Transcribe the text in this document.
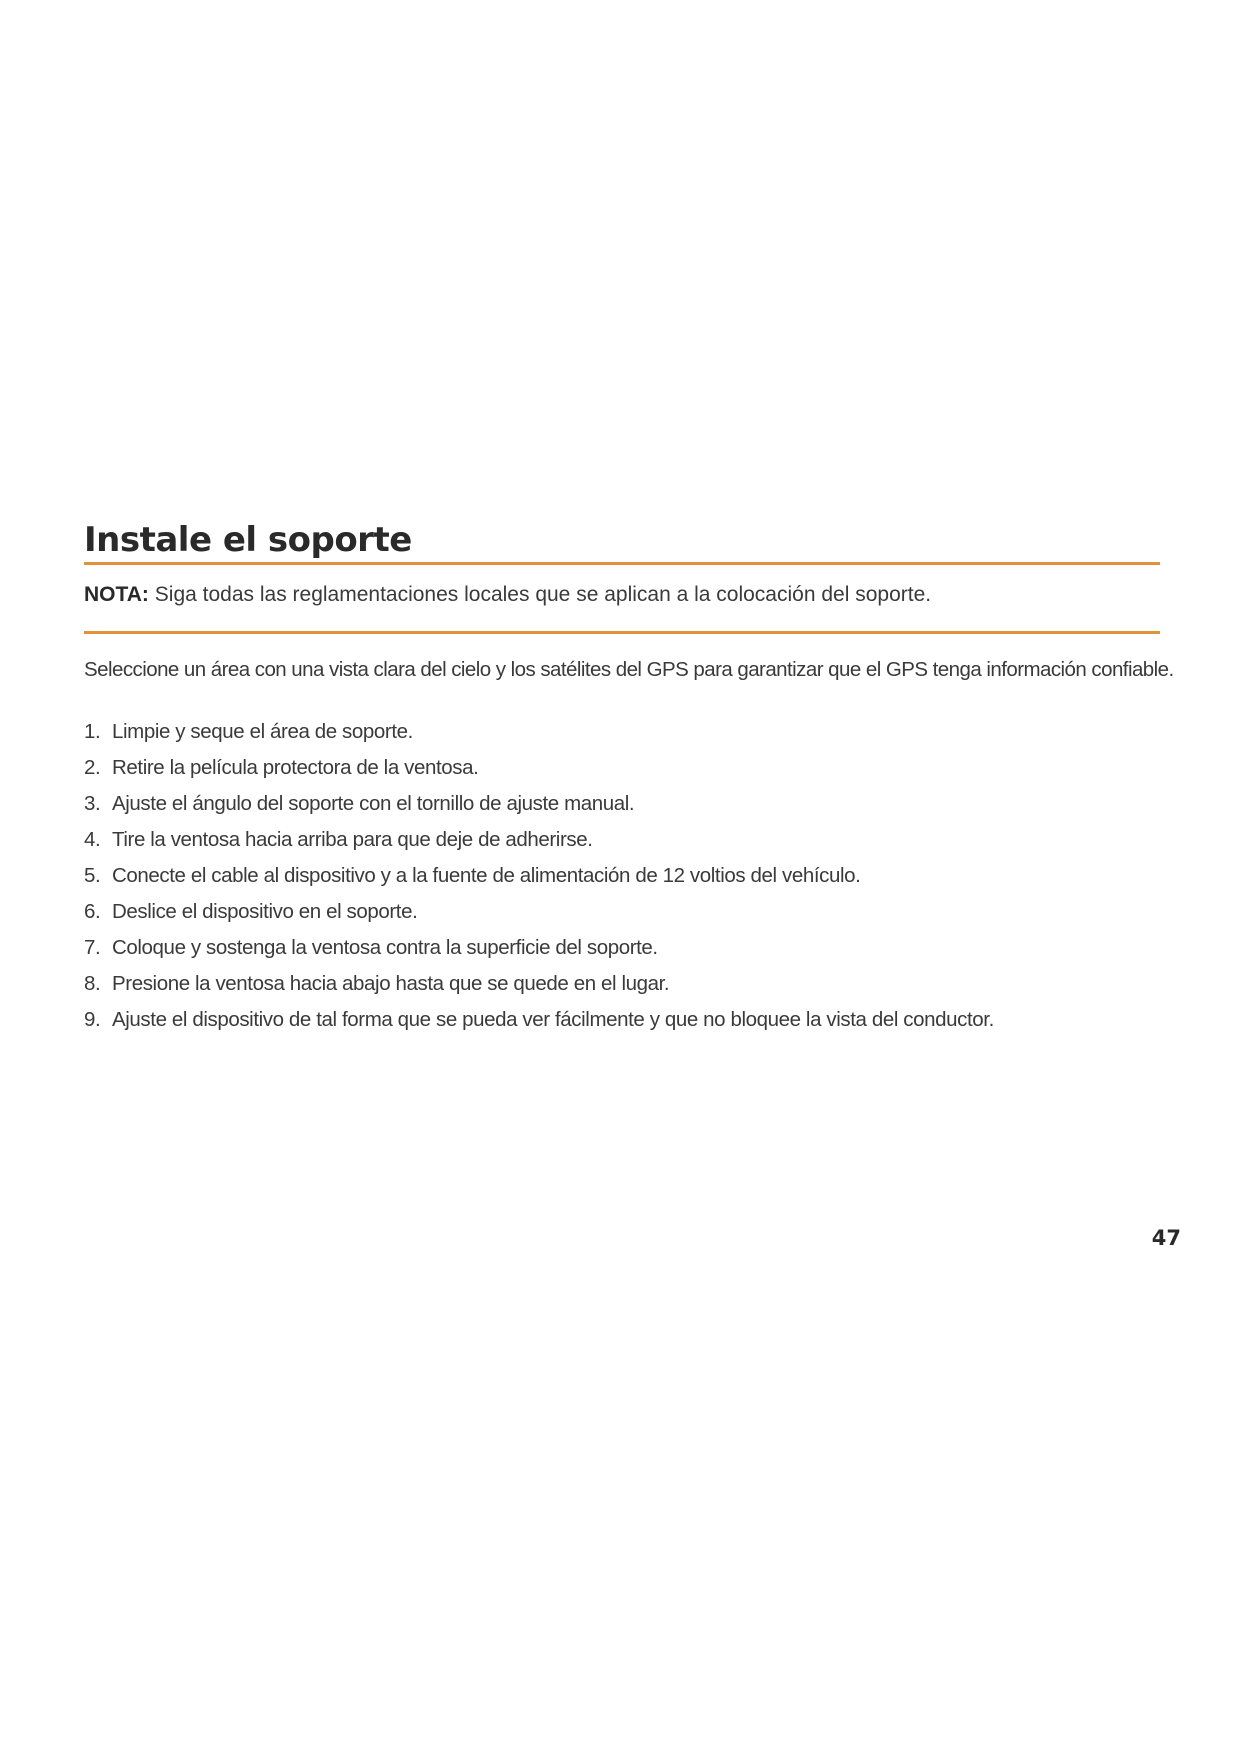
Instale el soporte
NOTA: Siga todas las reglamentaciones locales que se aplican a la colocación del soporte.
Seleccione un área con una vista clara del cielo y los satélites del GPS para garantizar que el GPS tenga información confiable.
1. Limpie y seque el área de soporte.
2. Retire la película protectora de la ventosa.
3. Ajuste el ángulo del soporte con el tornillo de ajuste manual.
4. Tire la ventosa hacia arriba para que deje de adherirse.
5. Conecte el cable al dispositivo y a la fuente de alimentación de 12 voltios del vehículo.
6. Deslice el dispositivo en el soporte.
7. Coloque y sostenga la ventosa contra la superficie del soporte.
8. Presione la ventosa hacia abajo hasta que se quede en el lugar.
9. Ajuste el dispositivo de tal forma que se pueda ver fácilmente y que no bloquee la vista del conductor.
47
